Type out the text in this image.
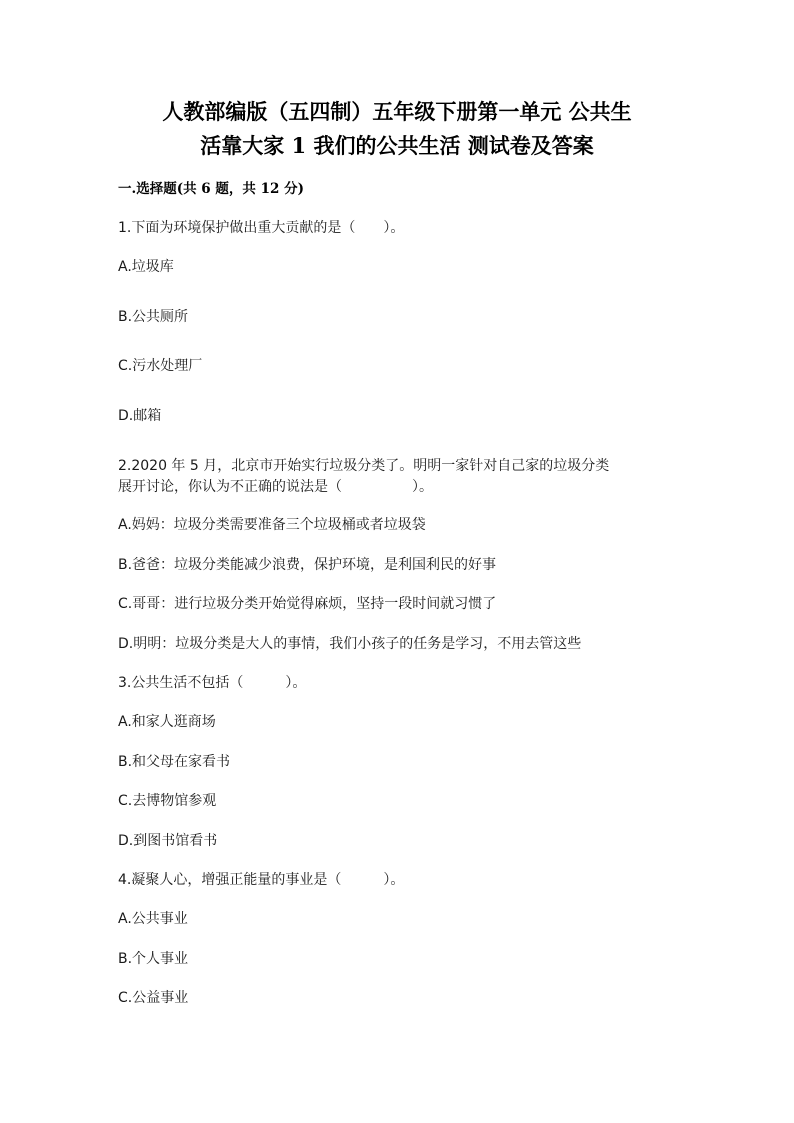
人教部编版（五四制）五年级下册第一单元 公共生
活靠大家 1 我们的公共生活 测试卷及答案
一.选择题(共 6 题，共 12 分)
1.下面为环境保护做出重大贡献的是（　　）。
A.垃圾库
B.公共厕所
C.污水处理厂
D.邮箱
2.2020 年 5 月，北京市开始实行垃圾分类了。明明一家针对自己家的垃圾分类
展开讨论，你认为不正确的说法是（　　　　　）。
A.妈妈：垃圾分类需要准备三个垃圾桶或者垃圾袋
B.爸爸：垃圾分类能减少浪费，保护环境，是利国利民的好事
C.哥哥：进行垃圾分类开始觉得麻烦，坚持一段时间就习惯了
D.明明：垃圾分类是大人的事情，我们小孩子的任务是学习，不用去管这些
3.公共生活不包括（　　　）。
A.和家人逛商场
B.和父母在家看书
C.去博物馆参观
D.到图书馆看书
4.凝聚人心，增强正能量的事业是（　　　）。
A.公共事业
B.个人事业
C.公益事业
